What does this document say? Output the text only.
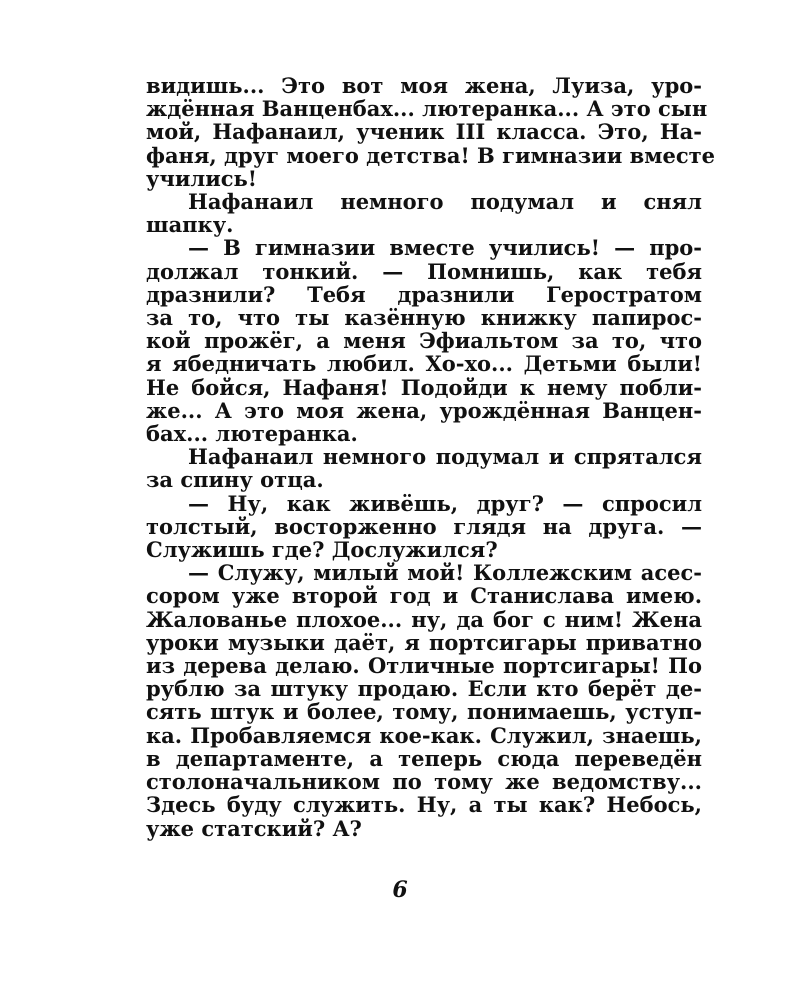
видишь... Это вот моя жена, Луиза, уро-
ждённая Ванценбах... лютеранка... А это сын
мой, Нафанаил, ученик III класса. Это, На-
фаня, друг моего детства! В гимназии вместе
учились!
Нафанаил немного подумал и снял
шапку.
— В гимназии вместе учились! — про-
должал тонкий. — Помнишь, как тебя
дразнили? Тебя дразнили Геростратом
за то, что ты казённую книжку папирос-
кой прожёг, а меня Эфиальтом за то, что
я ябедничать любил. Хо-хо... Детьми были!
Не бойся, Нафаня! Подойди к нему побли-
же... А это моя жена, урождённая Ванцен-
бах... лютеранка.
Нафанаил немного подумал и спрятался
за спину отца.
— Ну, как живёшь, друг? — спросил
толстый, восторженно глядя на друга. —
Служишь где? Дослужился?
— Служу, милый мой! Коллежским асес-
сором уже второй год и Станислава имею.
Жалованье плохое... ну, да бог с ним! Жена
уроки музыки даёт, я портсигары приватно
из дерева делаю. Отличные портсигары! По
рублю за штуку продаю. Если кто берёт де-
сять штук и более, тому, понимаешь, уступ-
ка. Пробавляемся кое-как. Служил, знаешь,
в департаменте, а теперь сюда переведён
столоначальником по тому же ведомству...
Здесь буду служить. Ну, а ты как? Небось,
уже статский? А?
6
